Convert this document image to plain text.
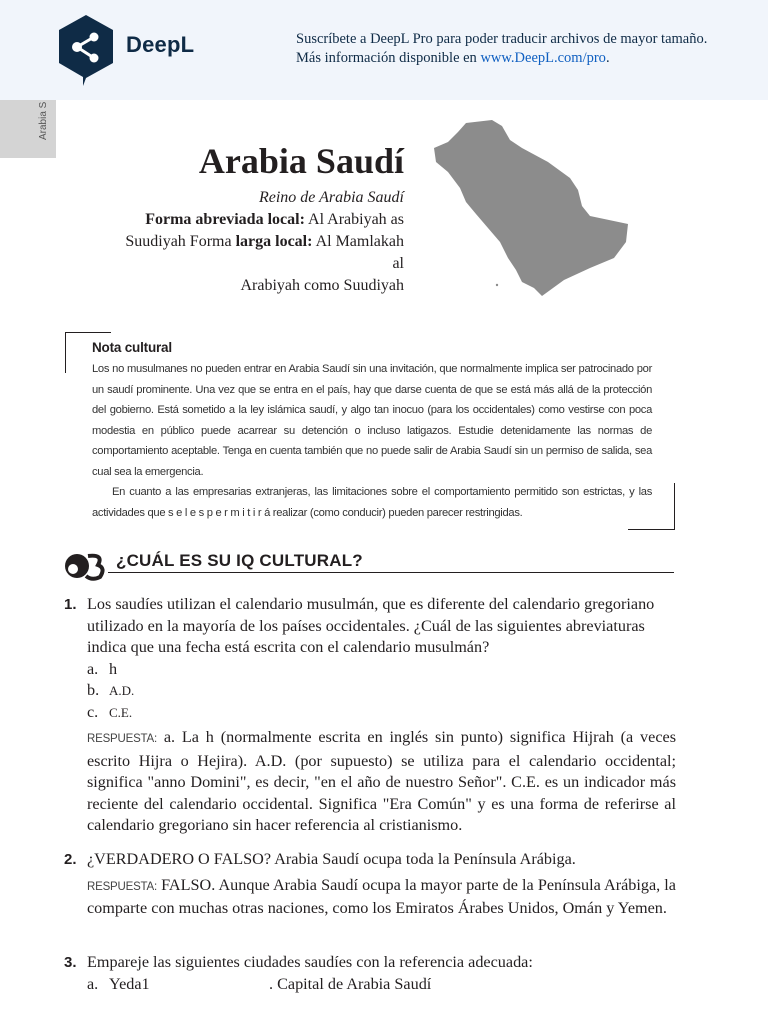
DeepL	Suscríbete a DeepL Pro para poder traducir archivos de mayor tamaño.
Más información disponible en www.DeepL.com/pro.
Arabia S
Arabia Saudí
Reino de Arabia Saudí
Forma abreviada local: Al Arabiyah as
Suudiyah Forma larga local: Al Mamlakah
al
Arabiyah como Suudiyah
Nota cultural

Los no musulmanes no pueden entrar en Arabia Saudí sin una invitación, que normalmente implica ser patrocinado por un saudí prominente. Una vez que se entra en el país, hay que darse cuenta de que se está más allá de la protección del gobierno. Está sometido a la ley islámica saudí, y algo tan inocuo (para los occidentales) como vestirse con poca modestia en público puede acarrear su detención o incluso latigazos. Estudie detenidamente las normas de comportamiento aceptable. Tenga en cuenta también que no puede salir de Arabia Saudí sin un permiso de salida, sea cual sea la emergencia.

En cuanto a las empresarias extranjeras, las limitaciones sobre el comportamiento permitido son estrictas, y las actividades que s e l e s p e r m i t i r á realizar (como conducir) pueden parecer restringidas.

¿CUÁL ES SU IQ CULTURAL?
1. Los saudíes utilizan el calendario musulmán, que es diferente del calendario gregoriano utilizado en la mayoría de los países occidentales. ¿Cuál de las siguientes abreviaturas indica que una fecha está escrita con el calendario musulmán?
a. h
b. A.D.
c. C.E.
RESPUESTA: a. La h (normalmente escrita en inglés sin punto) significa Hijrah (a veces escrito Hijra o Hejira). A.D. (por supuesto) se utiliza para el calendario occidental; significa "anno Domini", es decir, "en el año de nuestro Señor". C.E. es un indicador más reciente del calendario occidental. Significa "Era Común" y es una forma de referirse al calendario gregoriano sin hacer referencia al cristianismo.
2. ¿VERDADERO O FALSO? Arabia Saudí ocupa toda la Península Arábiga.
RESPUESTA: FALSO. Aunque Arabia Saudí ocupa la mayor parte de la Península Arábiga, la comparte con muchas otras naciones, como los Emiratos Árabes Unidos, Omán y Yemen.
3. Empareje las siguientes ciudades saudíes con la referencia adecuada:
a. Yeda1	. Capital de Arabia Saudí
